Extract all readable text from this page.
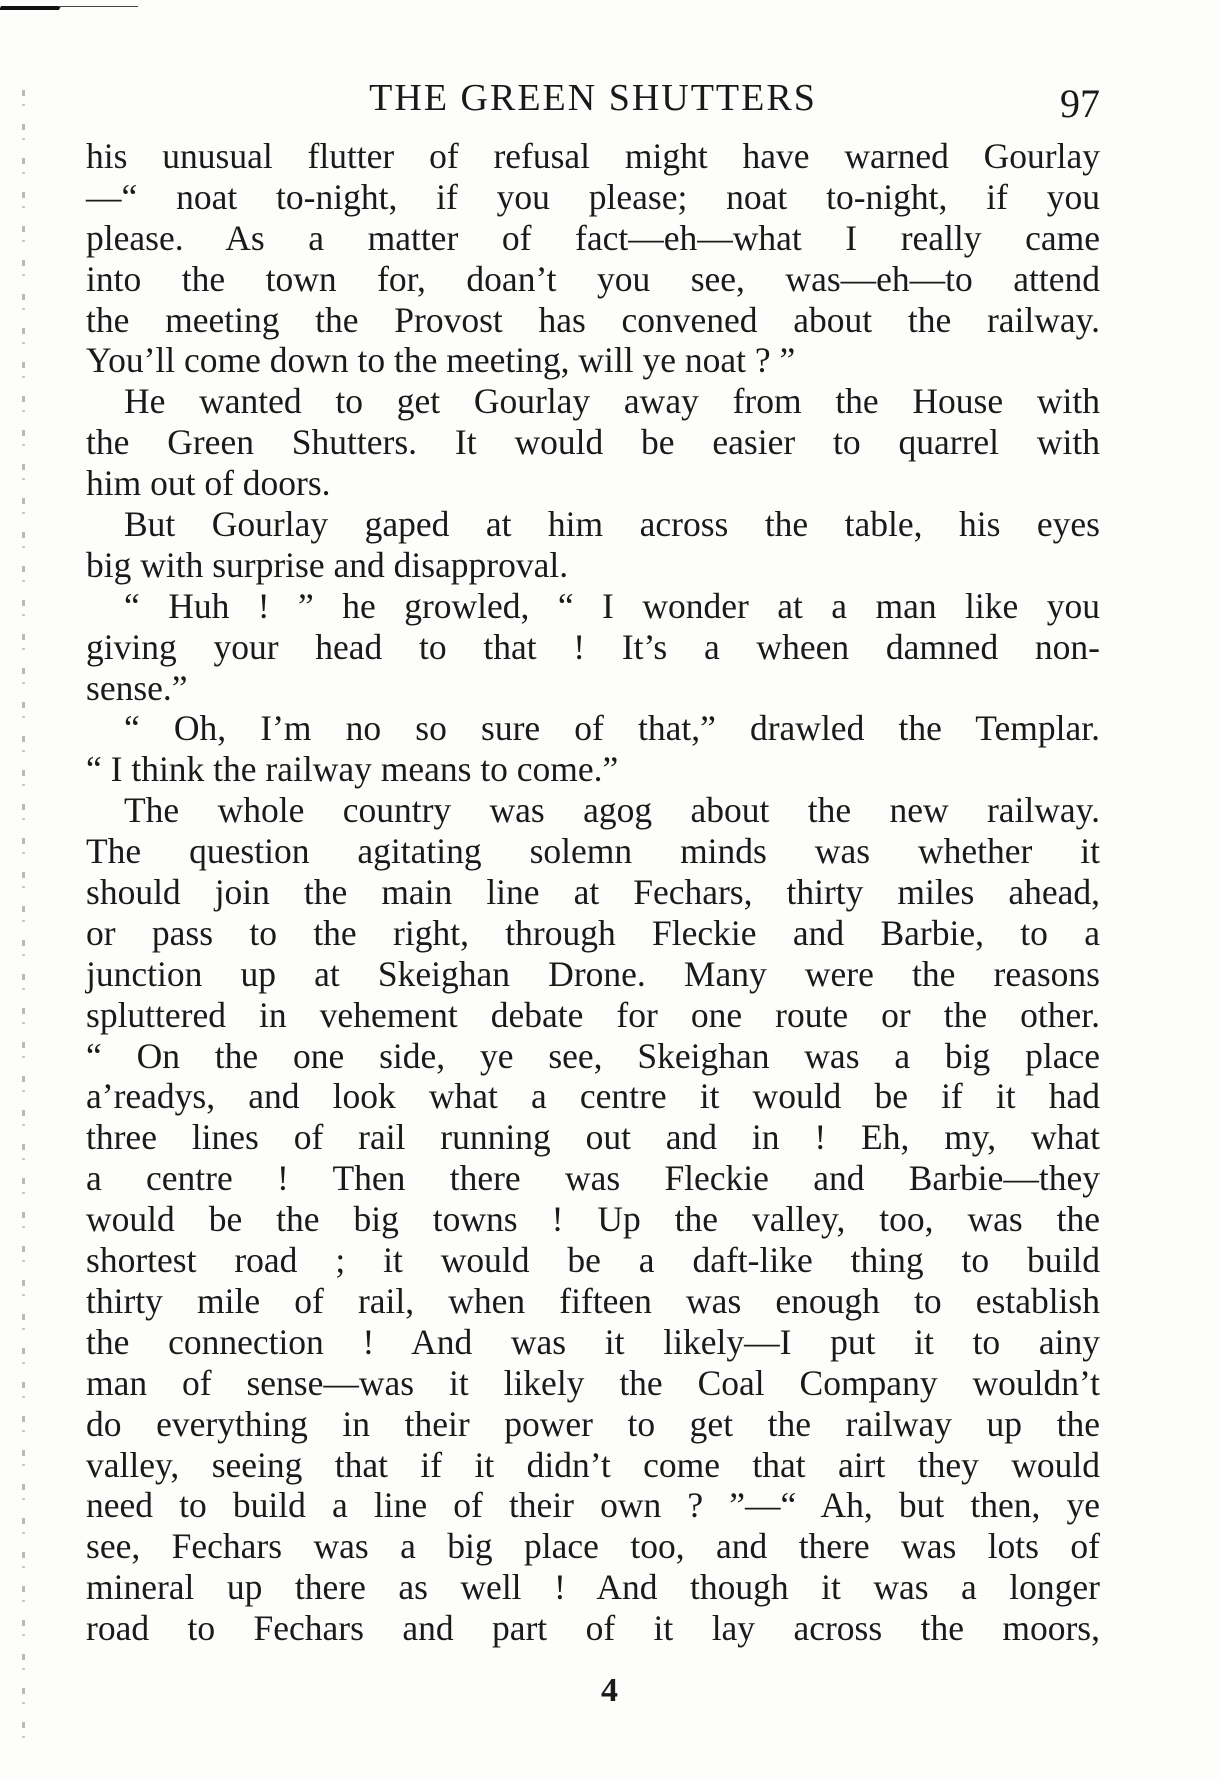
THE GREEN SHUTTERS	97
his unusual flutter of refusal might have warned Gourlay
—“ noat to-night, if you please; noat to-night, if you
please. As a matter of fact—eh—what I really came
into the town for, doan’t you see, was—eh—to attend
the meeting the Provost has convened about the railway.
You’ll come down to the meeting, will ye noat ? ”
He wanted to get Gourlay away from the House with
the Green Shutters. It would be easier to quarrel with
him out of doors.
But Gourlay gaped at him across the table, his eyes
big with surprise and disapproval.
“ Huh ! ” he growled, “ I wonder at a man like you
giving your head to that ! It’s a wheen damned non-
sense.”
“ Oh, I’m no so sure of that,” drawled the Templar.
“ I think the railway means to come.”
The whole country was agog about the new railway.
The question agitating solemn minds was whether it
should join the main line at Fechars, thirty miles ahead,
or pass to the right, through Fleckie and Barbie, to a
junction up at Skeighan Drone. Many were the reasons
spluttered in vehement debate for one route or the other.
“ On the one side, ye see, Skeighan was a big place
a’readys, and look what a centre it would be if it had
three lines of rail running out and in ! Eh, my, what
a centre ! Then there was Fleckie and Barbie—they
would be the big towns ! Up the valley, too, was the
shortest road ; it would be a daft-like thing to build
thirty mile of rail, when fifteen was enough to establish
the connection ! And was it likely—I put it to ainy
man of sense—was it likely the Coal Company wouldn’t
do everything in their power to get the railway up the
valley, seeing that if it didn’t come that airt they would
need to build a line of their own ? ”—“ Ah, but then, ye
see, Fechars was a big place too, and there was lots of
mineral up there as well ! And though it was a longer
road to Fechars and part of it lay across the moors,
4
